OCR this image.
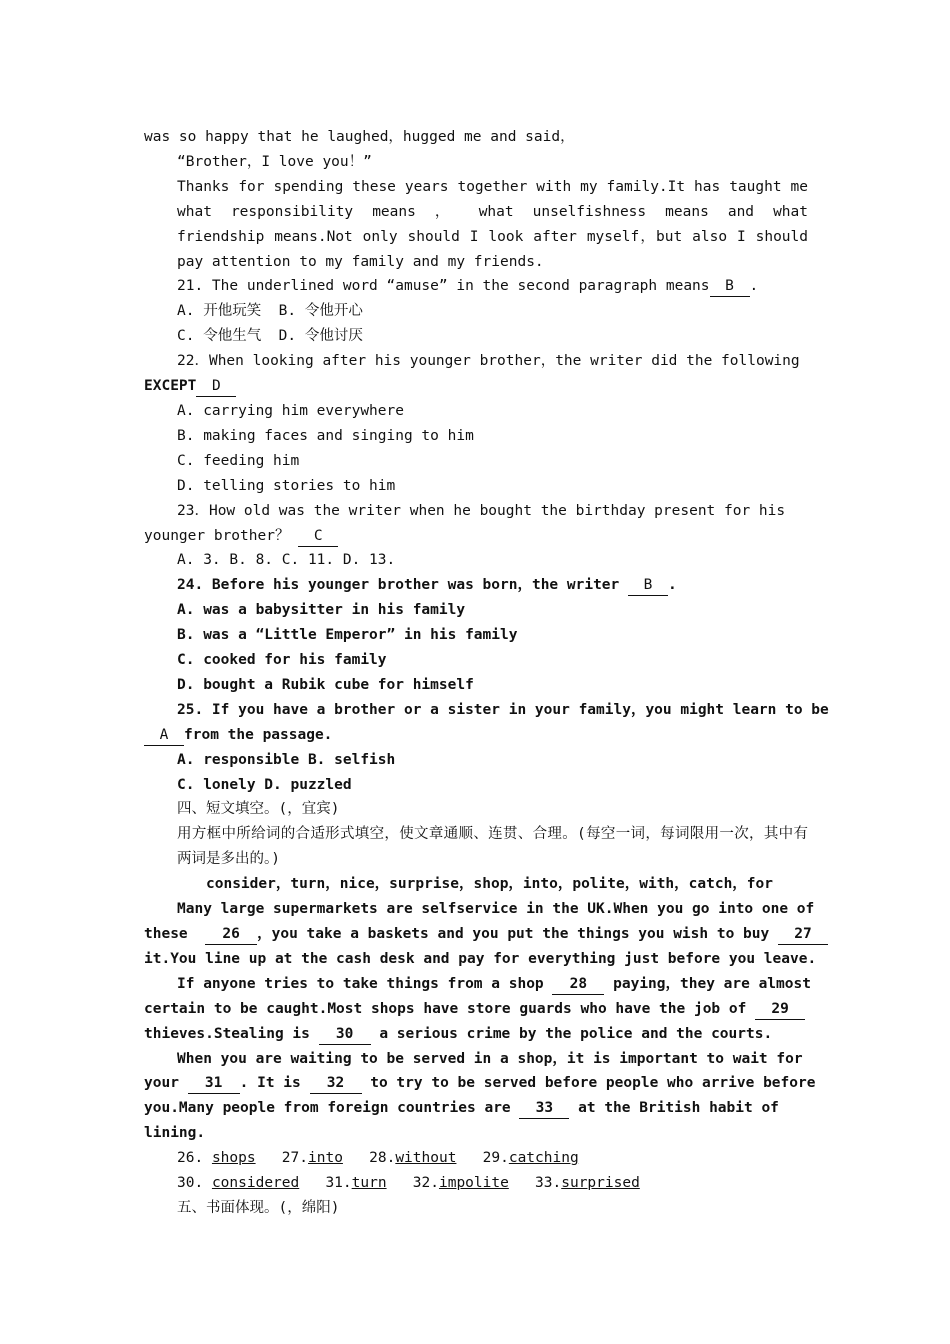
was so happy that he laughed，hugged me and said，

“Brother，I love you！”

Thanks for spending these years together with my family.It has taught me what responsibility means ， what unselfishness means and what friendship means.Not only should I look after myself，but also I should pay attention to my family and my friends.

21. The underlined word “amuse” in the second paragraph means B .

A. 开他玩笑 B. 令他开心

C. 令他生气 D. 令他讨厌

22．When looking after his younger brother，the writer did the following

EXCEPT D

A. carrying him everywhere

B. making faces and singing to him

C. feeding him

D. telling stories to him

23．How old was the writer when he bought the birthday present for his

younger brother？ C

A. 3. B. 8. C. 11. D. 13.

24. Before his younger brother was born，the writer B .

A. was a babysitter in his family

B. was a “Little Emperor” in his family

C. cooked for his family

D. bought a Rubik cube for himself

25. If you have a brother or a sister in your family，you might learn to be

A from the passage.

A. responsible B. selfish

C. lonely D. puzzled

四、短文填空。(，宜宾)

用方框中所给词的合适形式填空，使文章通顺、连贯、合理。(每空一词，每词限用一次，其中有两词是多出的。)

consider，turn，nice，surprise，shop，into，polite，with，catch，for

Many large supermarkets are selfservice in the UK.When you go into one of

these 26 ，you take a baskets and you put the things you wish to buy 27

it.You line up at the cash desk and pay for everything just before you leave.

If anyone tries to take things from a shop 28 paying，they are almost

certain to be caught.Most shops have store guards who have the job of 29

thieves.Stealing is 30 a serious crime by the police and the courts.

When you are waiting to be served in a shop，it is important to wait for

your 31 . It is 32 to try to be served before people who arrive before

you.Many people from foreign countries are 33 at the British habit of

lining.

26. shops 27.into 28.without 29.catching

30. considered 31.turn 32.impolite 33.surprised

五、书面体现。(，绵阳)
